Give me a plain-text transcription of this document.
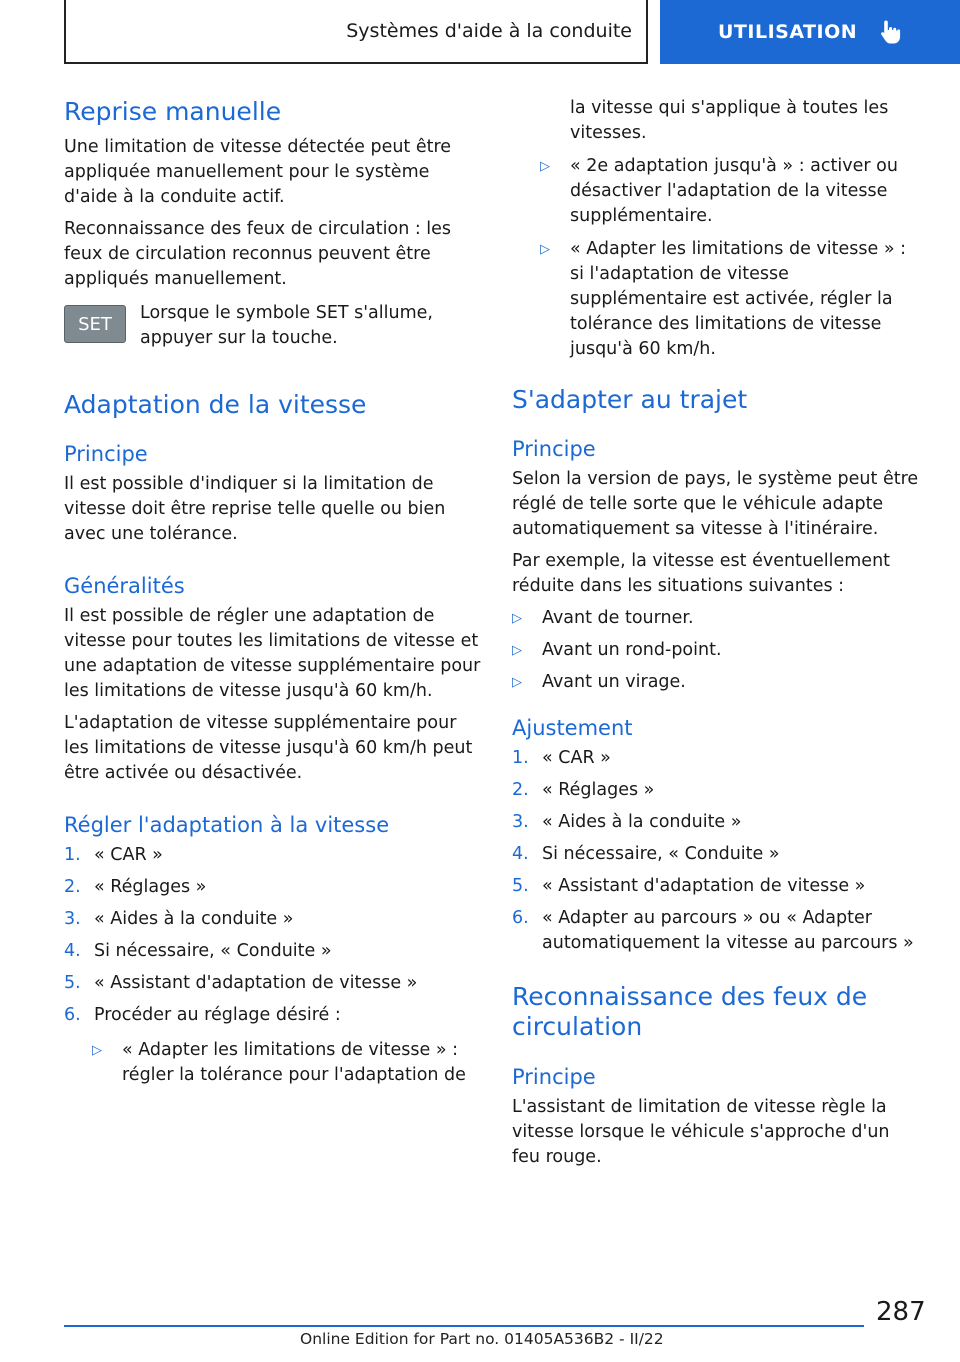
Systèmes d'aide à la conduite	UTILISATION
Reprise manuelle

Une limitation de vitesse détectée peut être appliquée manuellement pour le système d'aide à la conduite actif.

Reconnaissance des feux de circulation : les feux de circulation reconnus peuvent être appliqués manuellement.

SET

Lorsque le symbole SET s'allume, appuyer sur la touche.

Adaptation de la vitesse
Principe

Il est possible d'indiquer si la limitation de vitesse doit être reprise telle quelle ou bien avec une tolérance.

Généralités

Il est possible de régler une adaptation de vitesse pour toutes les limitations de vitesse et une adaptation de vitesse supplémentaire pour les limitations de vitesse jusqu'à 60 km/h.

L'adaptation de vitesse supplémentaire pour les limitations de vitesse jusqu'à 60 km/h peut être activée ou désactivée.

Régler l'adaptation à la vitesse
1. « CAR »
2. « Réglages »
3. « Aides à la conduite »
4. Si nécessaire, « Conduite »
5. « Assistant d'adaptation de vitesse »
6. Procéder au réglage désiré :
▷	« Adapter les limitations de vitesse » : régler la tolérance pour l'adaptation de
la vitesse qui s'applique à toutes les vitesses.
▷	« 2e adaptation jusqu'à » : activer ou désactiver l'adaptation de la vitesse supplémentaire.
▷	« Adapter les limitations de vitesse » : si l'adaptation de vitesse supplémentaire est activée, régler la tolérance des limitations de vitesse jusqu'à 60 km/h.
S'adapter au trajet
Principe

Selon la version de pays, le système peut être réglé de telle sorte que le véhicule adapte automatiquement sa vitesse à l'itinéraire.

Par exemple, la vitesse est éventuellement réduite dans les situations suivantes :

▷	Avant de tourner.
▷	Avant un rond-point.
▷	Avant un virage.
Ajustement
1. « CAR »
2. « Réglages »
3. « Aides à la conduite »
4. Si nécessaire, « Conduite »
5. « Assistant d'adaptation de vitesse »
6. « Adapter au parcours » ou « Adapter automatiquement la vitesse au parcours »
Reconnaissance des feux de circulation
Principe

L'assistant de limitation de vitesse règle la vitesse lorsque le véhicule s'approche d'un feu rouge.

287
Online Edition for Part no. 01405A536B2 - II/22
